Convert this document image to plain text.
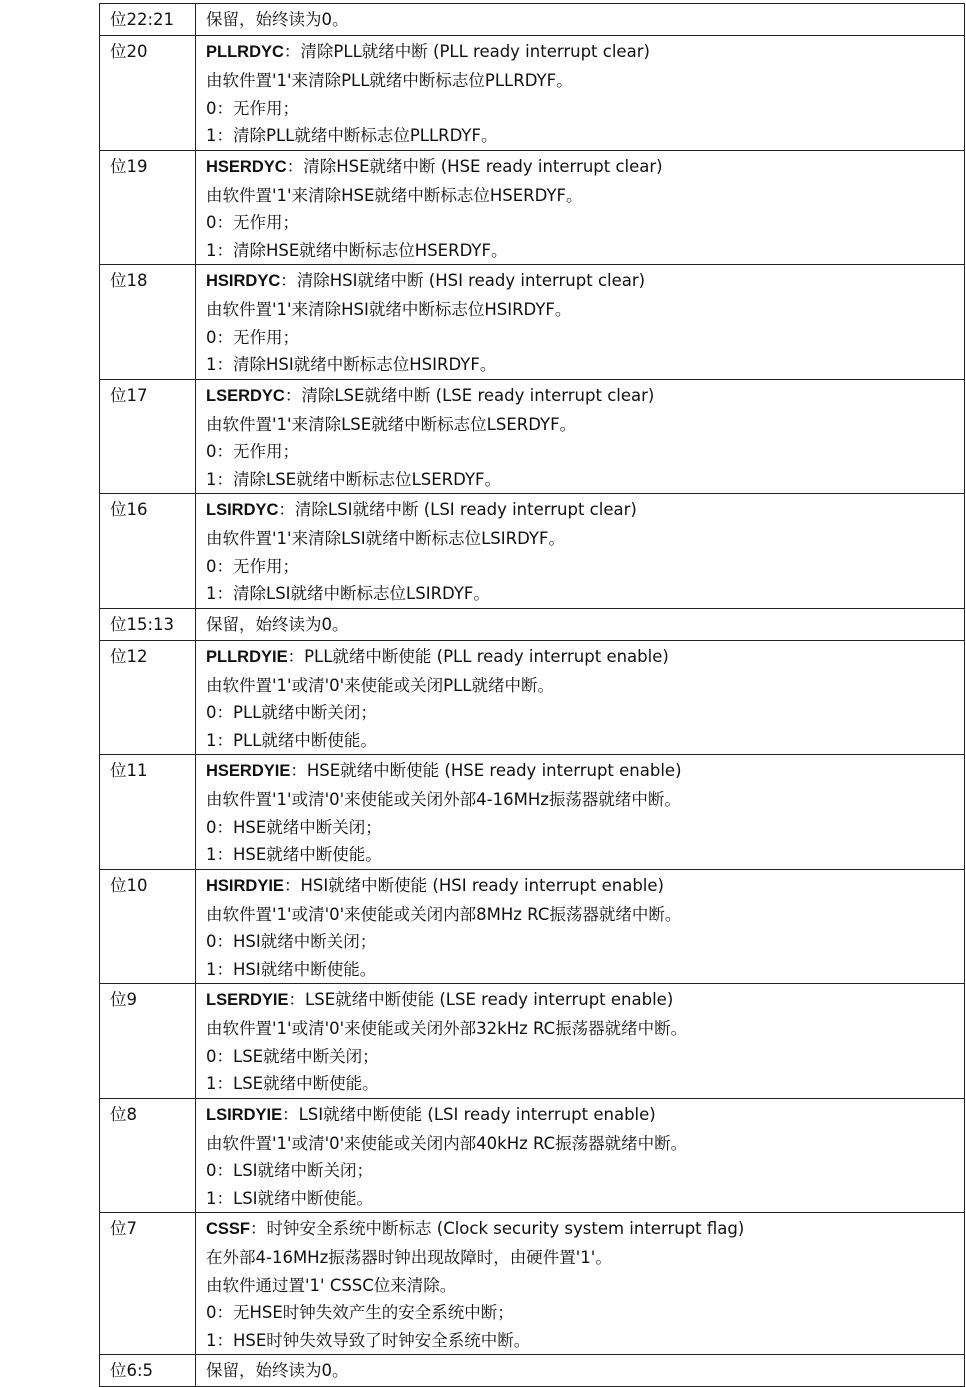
位22:21	保留，始终读为0。

位20	PLLRDYC：清除PLL就绪中断 (PLL ready interrupt clear)
由软件置'1'来清除PLL就绪中断标志位PLLRDYF。
0：无作用；
1：清除PLL就绪中断标志位PLLRDYF。

位19	HSERDYC：清除HSE就绪中断 (HSE ready interrupt clear)
由软件置'1'来清除HSE就绪中断标志位HSERDYF。
0：无作用；
1：清除HSE就绪中断标志位HSERDYF。

位18	HSIRDYC：清除HSI就绪中断 (HSI ready interrupt clear)
由软件置'1'来清除HSI就绪中断标志位HSIRDYF。
0：无作用；
1：清除HSI就绪中断标志位HSIRDYF。

位17	LSERDYC：清除LSE就绪中断 (LSE ready interrupt clear)
由软件置'1'来清除LSE就绪中断标志位LSERDYF。
0：无作用；
1：清除LSE就绪中断标志位LSERDYF。

位16	LSIRDYC：清除LSI就绪中断 (LSI ready interrupt clear)
由软件置'1'来清除LSI就绪中断标志位LSIRDYF。
0：无作用；
1：清除LSI就绪中断标志位LSIRDYF。

位15:13	保留，始终读为0。

位12	PLLRDYIE：PLL就绪中断使能 (PLL ready interrupt enable)
由软件置'1'或清'0'来使能或关闭PLL就绪中断。
0：PLL就绪中断关闭；
1：PLL就绪中断使能。

位11	HSERDYIE：HSE就绪中断使能 (HSE ready interrupt enable)
由软件置'1'或清'0'来使能或关闭外部4-16MHz振荡器就绪中断。
0：HSE就绪中断关闭；
1：HSE就绪中断使能。

位10	HSIRDYIE：HSI就绪中断使能 (HSI ready interrupt enable)
由软件置'1'或清'0'来使能或关闭内部8MHz RC振荡器就绪中断。
0：HSI就绪中断关闭；
1：HSI就绪中断使能。

位9	LSERDYIE：LSE就绪中断使能 (LSE ready interrupt enable)
由软件置'1'或清'0'来使能或关闭外部32kHz RC振荡器就绪中断。
0：LSE就绪中断关闭；
1：LSE就绪中断使能。

位8	LSIRDYIE：LSI就绪中断使能 (LSI ready interrupt enable)
由软件置'1'或清'0'来使能或关闭内部40kHz RC振荡器就绪中断。
0：LSI就绪中断关闭；
1：LSI就绪中断使能。

位7	CSSF：时钟安全系统中断标志 (Clock security system interrupt flag)
在外部4-16MHz振荡器时钟出现故障时，由硬件置'1'。
由软件通过置'1' CSSC位来清除。
0：无HSE时钟失效产生的安全系统中断；
1：HSE时钟失效导致了时钟安全系统中断。

位6:5	保留，始终读为0。
